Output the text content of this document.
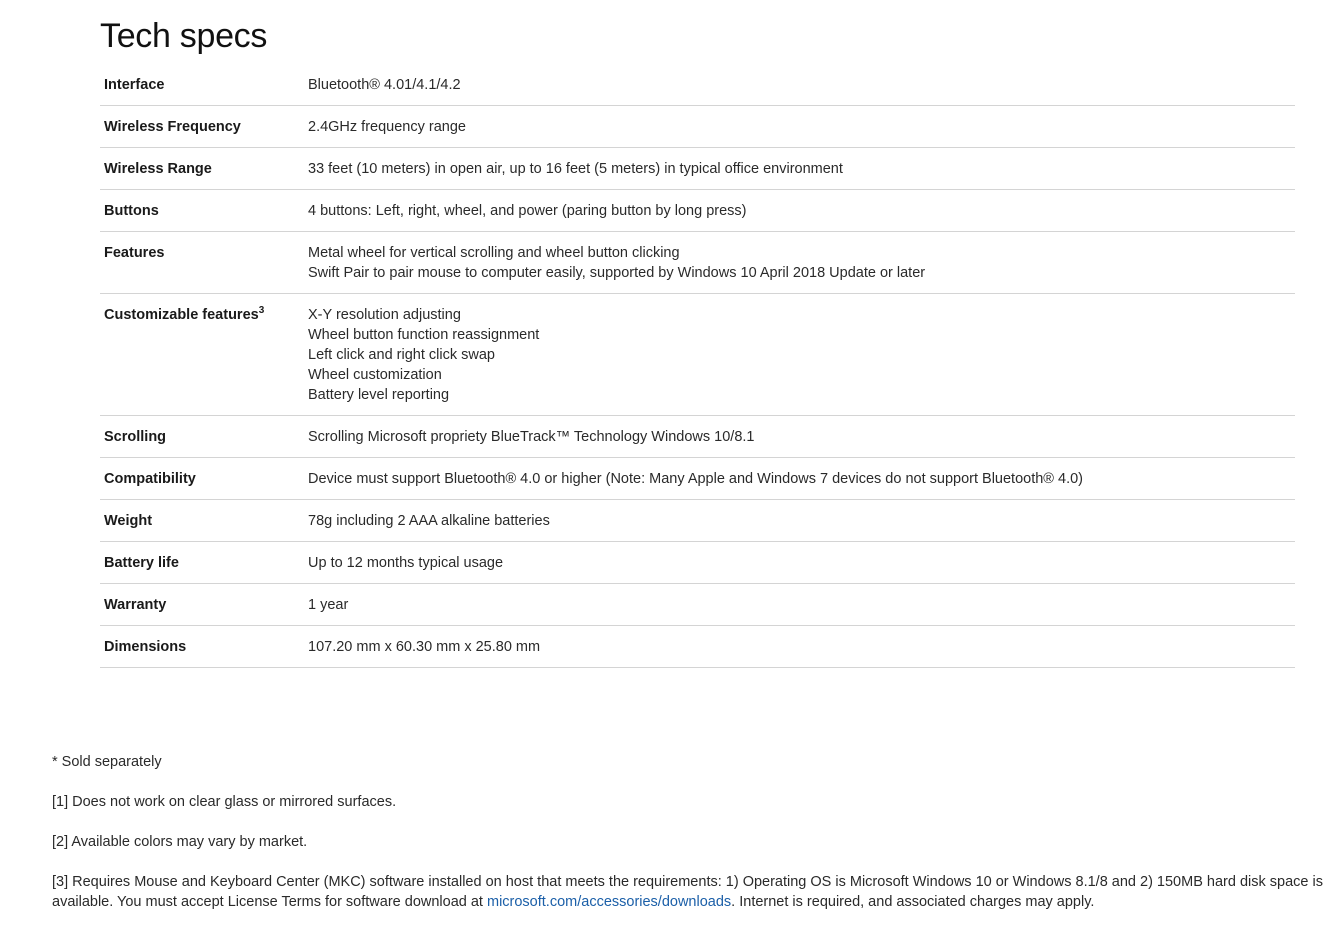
Tech specs
Interface	Bluetooth® 4.01/4.1/4.2
Wireless Frequency	2.4GHz frequency range
Wireless Range	33 feet (10 meters) in open air, up to 16 feet (5 meters) in typical office environment
Buttons	4 buttons: Left, right, wheel, and power (paring button by long press)
Features	Metal wheel for vertical scrolling and wheel button clicking
Swift Pair to pair mouse to computer easily, supported by Windows 10 April 2018 Update or later
Customizable features$^3$	X-Y resolution adjusting
Wheel button function reassignment
Left click and right click swap
Wheel customization
Battery level reporting
Scrolling	Scrolling Microsoft propriety BlueTrack™ Technology Windows 10/8.1
Compatibility	Device must support Bluetooth® 4.0 or higher (Note: Many Apple and Windows 7 devices do not support Bluetooth® 4.0)
Weight	78g including 2 AAA alkaline batteries
Battery life	Up to 12 months typical usage
Warranty	1 year
Dimensions	107.20 mm x 60.30 mm x 25.80 mm

* Sold separately

[1] Does not work on clear glass or mirrored surfaces.

[2] Available colors may vary by market.

[3] Requires Mouse and Keyboard Center (MKC) software installed on host that meets the requirements: 1) Operating OS is Microsoft Windows 10 or Windows 8.1/8 and 2) 150MB hard disk space is available. You must accept License Terms for software download at microsoft.com/accessories/downloads. Internet is required, and associated charges may apply.
